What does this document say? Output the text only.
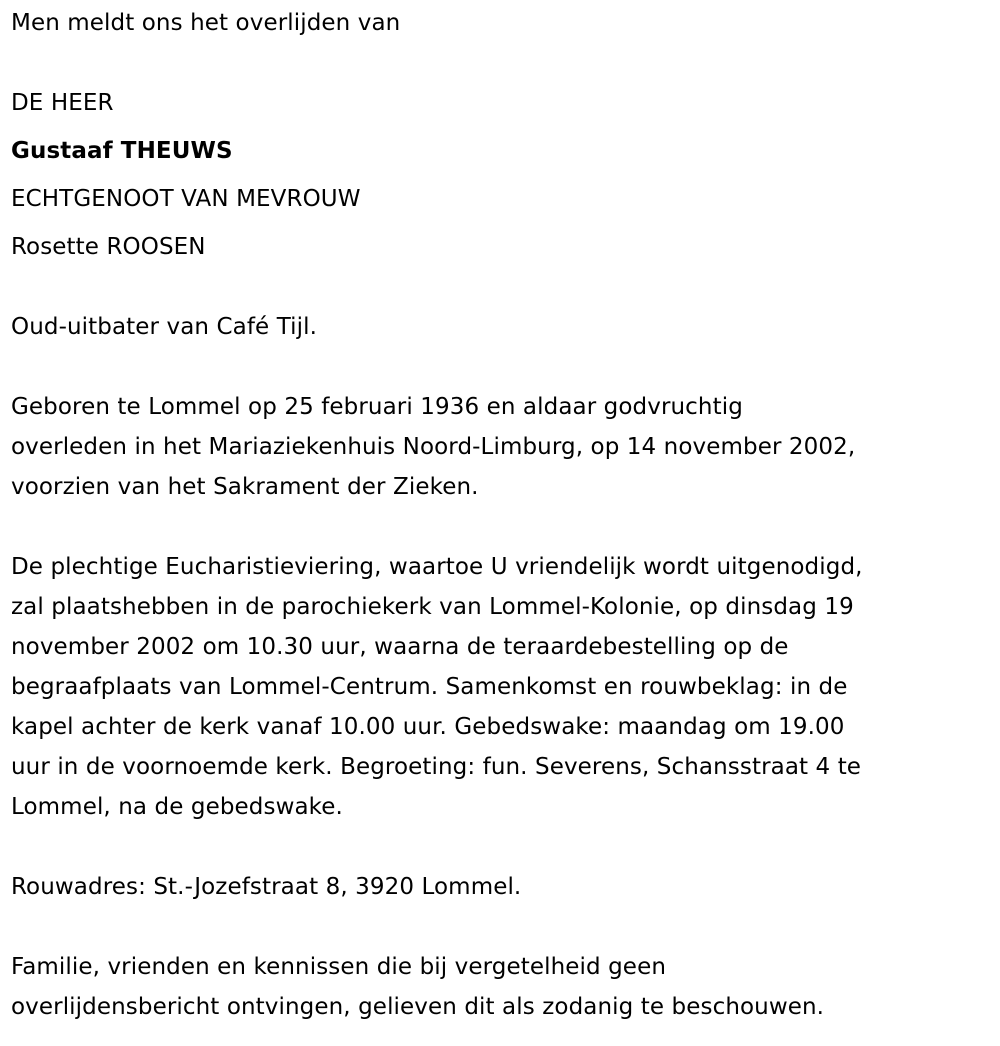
Men meldt ons het overlijden van
DE HEER
Gustaaf THEUWS
ECHTGENOOT VAN MEVROUW
Rosette ROOSEN
Oud-uitbater van Café Tijl.
Geboren te Lommel op 25 februari 1936 en aldaar godvruchtig
overleden in het Mariaziekenhuis Noord-Limburg, op 14 november 2002,
voorzien van het Sakrament der Zieken.
De plechtige Eucharistieviering, waartoe U vriendelijk wordt uitgenodigd,
zal plaatshebben in de parochiekerk van Lommel-Kolonie, op dinsdag 19
november 2002 om 10.30 uur, waarna de teraardebestelling op de
begraafplaats van Lommel-Centrum. Samenkomst en rouwbeklag: in de
kapel achter de kerk vanaf 10.00 uur. Gebedswake: maandag om 19.00
uur in de voornoemde kerk. Begroeting: fun. Severens, Schansstraat 4 te
Lommel, na de gebedswake.
Rouwadres: St.-Jozefstraat 8, 3920 Lommel.
Familie, vrienden en kennissen die bij vergetelheid geen
overlijdensbericht ontvingen, gelieven dit als zodanig te beschouwen.
